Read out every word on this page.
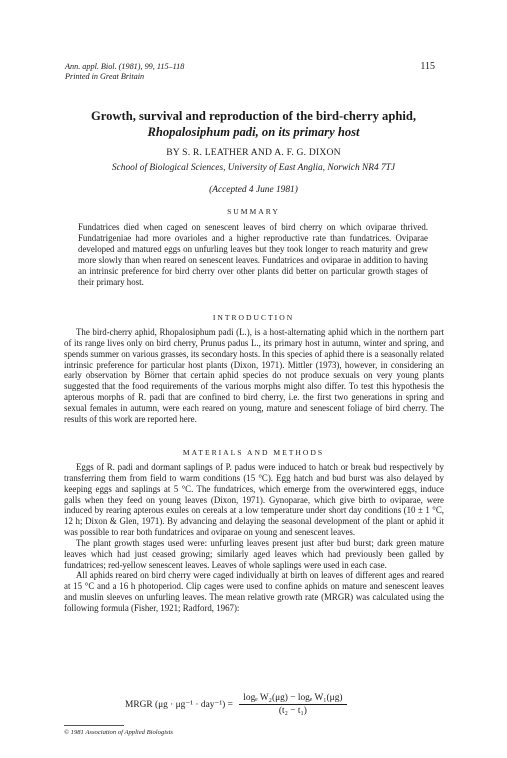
Ann. appl. Biol. (1981), 99, 115–118
Printed in Great Britain
115
Growth, survival and reproduction of the bird-cherry aphid,
Rhopalosiphum padi, on its primary host
BY S. R. LEATHER AND A. F. G. DIXON
School of Biological Sciences, University of East Anglia, Norwich NR4 7TJ
(Accepted 4 June 1981)
SUMMARY
Fundatrices died when caged on senescent leaves of bird cherry on which oviparae thrived. Fundatrigeniae had more ovarioles and a higher reproductive rate than fundatrices. Oviparae developed and matured eggs on unfurling leaves but they took longer to reach maturity and grew more slowly than when reared on senescent leaves. Fundatrices and oviparae in addition to having an intrinsic preference for bird cherry over other plants did better on particular growth stages of their primary host.
INTRODUCTION

The bird-cherry aphid, Rhopalosiphum padi (L.), is a host-alternating aphid which in the northern part of its range lives only on bird cherry, Prunus padus L., its primary host in autumn, winter and spring, and spends summer on various grasses, its secondary hosts. In this species of aphid there is a seasonally related intrinsic preference for particular host plants (Dixon, 1971). Mittler (1973), however, in considering an early observation by Börner that certain aphid species do not produce sexuals on very young plants suggested that the food requirements of the various morphs might also differ. To test this hypothesis the apterous morphs of R. padi that are confined to bird cherry, i.e. the first two generations in spring and sexual females in autumn, were each reared on young, mature and senescent foliage of bird cherry. The results of this work are reported here.

MATERIALS AND METHODS

Eggs of R. padi and dormant saplings of P. padus were induced to hatch or break bud respectively by transferring them from field to warm conditions (15 °C). Egg hatch and bud burst was also delayed by keeping eggs and saplings at 5 °C. The fundatrices, which emerge from the overwintered eggs, induce galls when they feed on young leaves (Dixon, 1971). Gynoparae, which give birth to oviparae, were induced by rearing apterous exules on cereals at a low temperature under short day conditions (10 ± 1 °C, 12 h; Dixon & Glen, 1971). By advancing and delaying the seasonal development of the plant or aphid it was possible to rear both fundatrices and oviparae on young and senescent leaves.

The plant growth stages used were: unfurling leaves present just after bud burst; dark green mature leaves which had just ceased growing; similarly aged leaves which had previously been galled by fundatrices; red-yellow senescent leaves. Leaves of whole saplings were used in each case.

All aphids reared on bird cherry were caged individually at birth on leaves of different ages and reared at 15 °C and a 16 h photoperiod. Clip cages were used to confine aphids on mature and senescent leaves and muslin sleeves on unfurling leaves. The mean relative growth rate (MRGR) was calculated using the following formula (Fisher, 1921; Radford, 1967):

MRGR $(\mu g \cdot \mu g^{-1} \cdot day^{-1}) = \frac{\text{logₑ W₂(μg) − logₑ W₁(μg)}}{\text{(t₂ − t₁)}}$
© 1981 Association of Applied Biologists
